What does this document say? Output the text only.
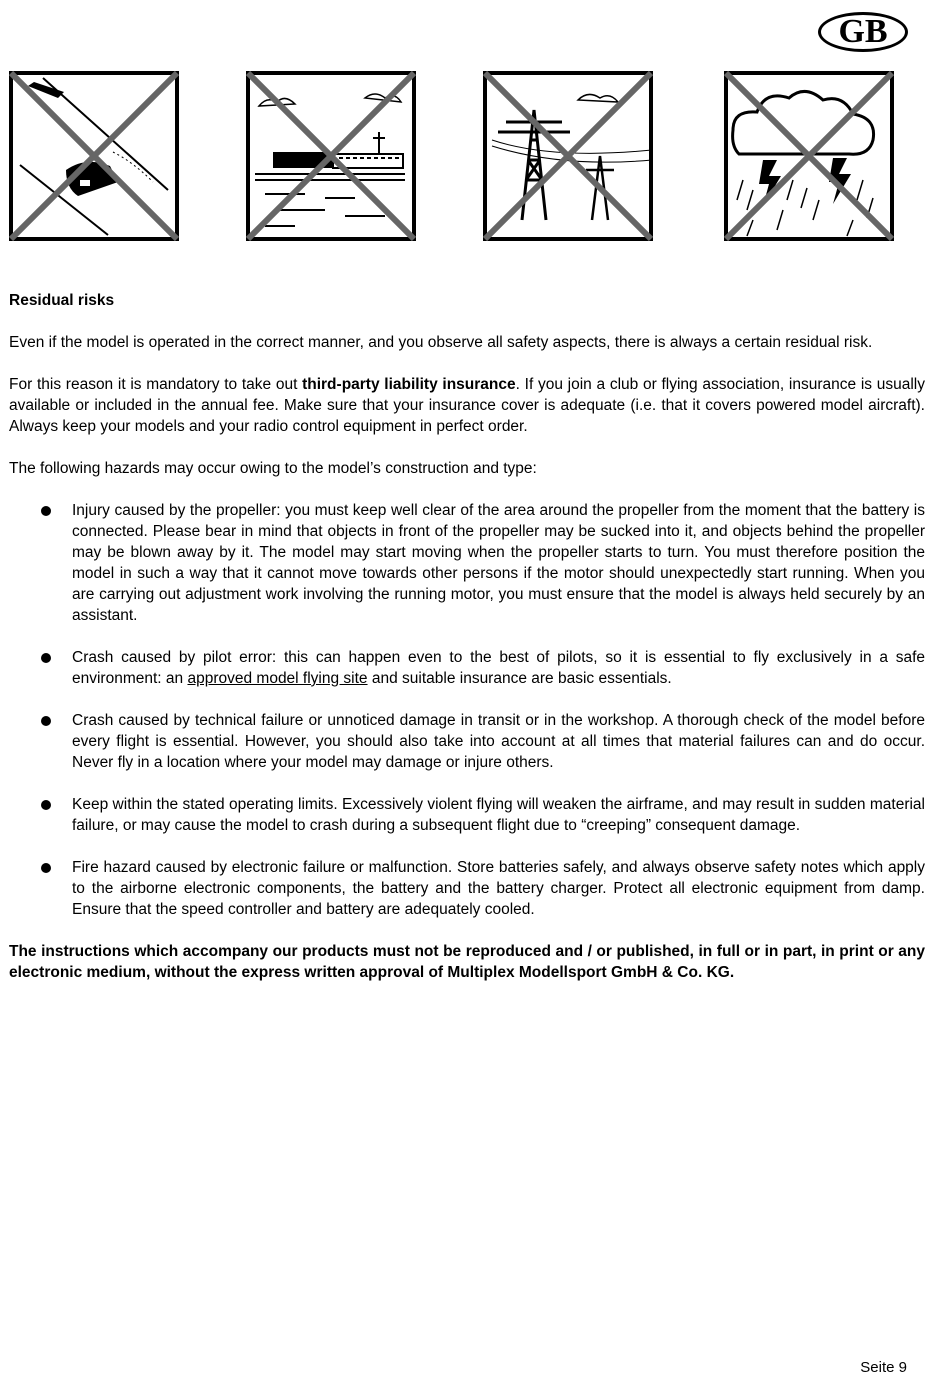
GB

Residual risks

Even if the model is operated in the correct manner, and you observe all safety aspects, there is always a certain residual risk.

For this reason it is mandatory to take out third-party liability insurance. If you join a club or flying association, insurance is usually available or included in the annual fee. Make sure that your insurance cover is adequate (i.e. that it covers powered model aircraft). Always keep your models and your radio control equipment in perfect order.

The following hazards may occur owing to the model’s construction and type:

Injury caused by the propeller: you must keep well clear of the area around the propeller from the moment that the battery is connected. Please bear in mind that objects in front of the propeller may be sucked into it, and objects behind the propeller may be blown away by it. The model may start moving when the propeller starts to turn. You must therefore position the model in such a way that it cannot move towards other persons if the motor should unexpectedly start running. When you are carrying out adjustment work involving the running motor, you must ensure that the model is always held securely by an assistant.
Crash caused by pilot error: this can happen even to the best of pilots, so it is essential to fly exclusively in a safe environment: an approved model flying site and suitable insurance are basic essentials.
Crash caused by technical failure or unnoticed damage in transit or in the workshop. A thorough check of the model before every flight is essential. However, you should also take into account at all times that material failures can and do occur. Never fly in a location where your model may damage or injure others.
Keep within the stated operating limits. Excessively violent flying will weaken the airframe, and may result in sudden material failure, or may cause the model to crash during a subsequent flight due to “creeping” consequent damage.
Fire hazard caused by electronic failure or malfunction. Store batteries safely, and always observe safety notes which apply to the airborne electronic components, the battery and the battery charger. Protect all electronic equipment from damp. Ensure that the speed controller and battery are adequately cooled.

The instructions which accompany our products must not be reproduced and / or published, in full or in part, in print or any electronic medium, without the express written approval of Multiplex Modellsport GmbH & Co. KG.

Seite 9
